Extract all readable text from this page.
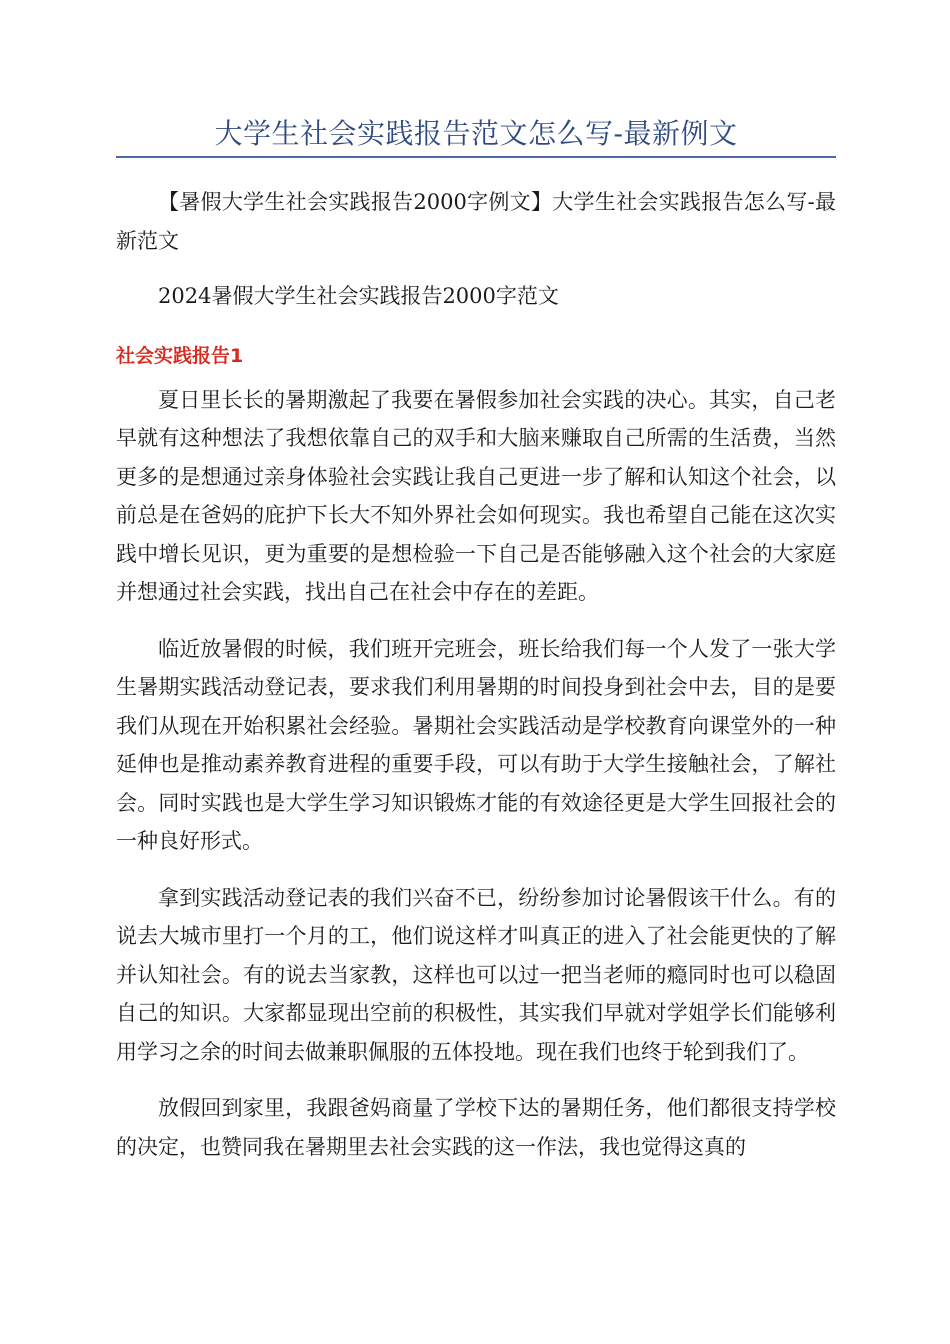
大学生社会实践报告范文怎么写-最新例文

【暑假大学生社会实践报告2000字例文】大学生社会实践报告怎么写-最新范文

2024暑假大学生社会实践报告2000字范文

社会实践报告1

夏日里长长的暑期激起了我要在暑假参加社会实践的决心。其实，自己老早就有这种想法了我想依靠自己的双手和大脑来赚取自己所需的生活费，当然更多的是想通过亲身体验社会实践让我自己更进一步了解和认知这个社会，以前总是在爸妈的庇护下长大不知外界社会如何现实。我也希望自己能在这次实践中增长见识，更为重要的是想检验一下自己是否能够融入这个社会的大家庭并想通过社会实践，找出自己在社会中存在的差距。

临近放暑假的时候，我们班开完班会，班长给我们每一个人发了一张大学生暑期实践活动登记表，要求我们利用暑期的时间投身到社会中去，目的是要我们从现在开始积累社会经验。暑期社会实践活动是学校教育向课堂外的一种延伸也是推动素养教育进程的重要手段，可以有助于大学生接触社会，了解社会。同时实践也是大学生学习知识锻炼才能的有效途径更是大学生回报社会的一种良好形式。

拿到实践活动登记表的我们兴奋不已，纷纷参加讨论暑假该干什么。有的说去大城市里打一个月的工，他们说这样才叫真正的进入了社会能更快的了解并认知社会。有的说去当家教，这样也可以过一把当老师的瘾同时也可以稳固自己的知识。大家都显现出空前的积极性，其实我们早就对学姐学长们能够利用学习之余的时间去做兼职佩服的五体投地。现在我们也终于轮到我们了。

放假回到家里，我跟爸妈商量了学校下达的暑期任务，他们都很支持学校的决定，也赞同我在暑期里去社会实践的这一作法，我也觉得这真的
